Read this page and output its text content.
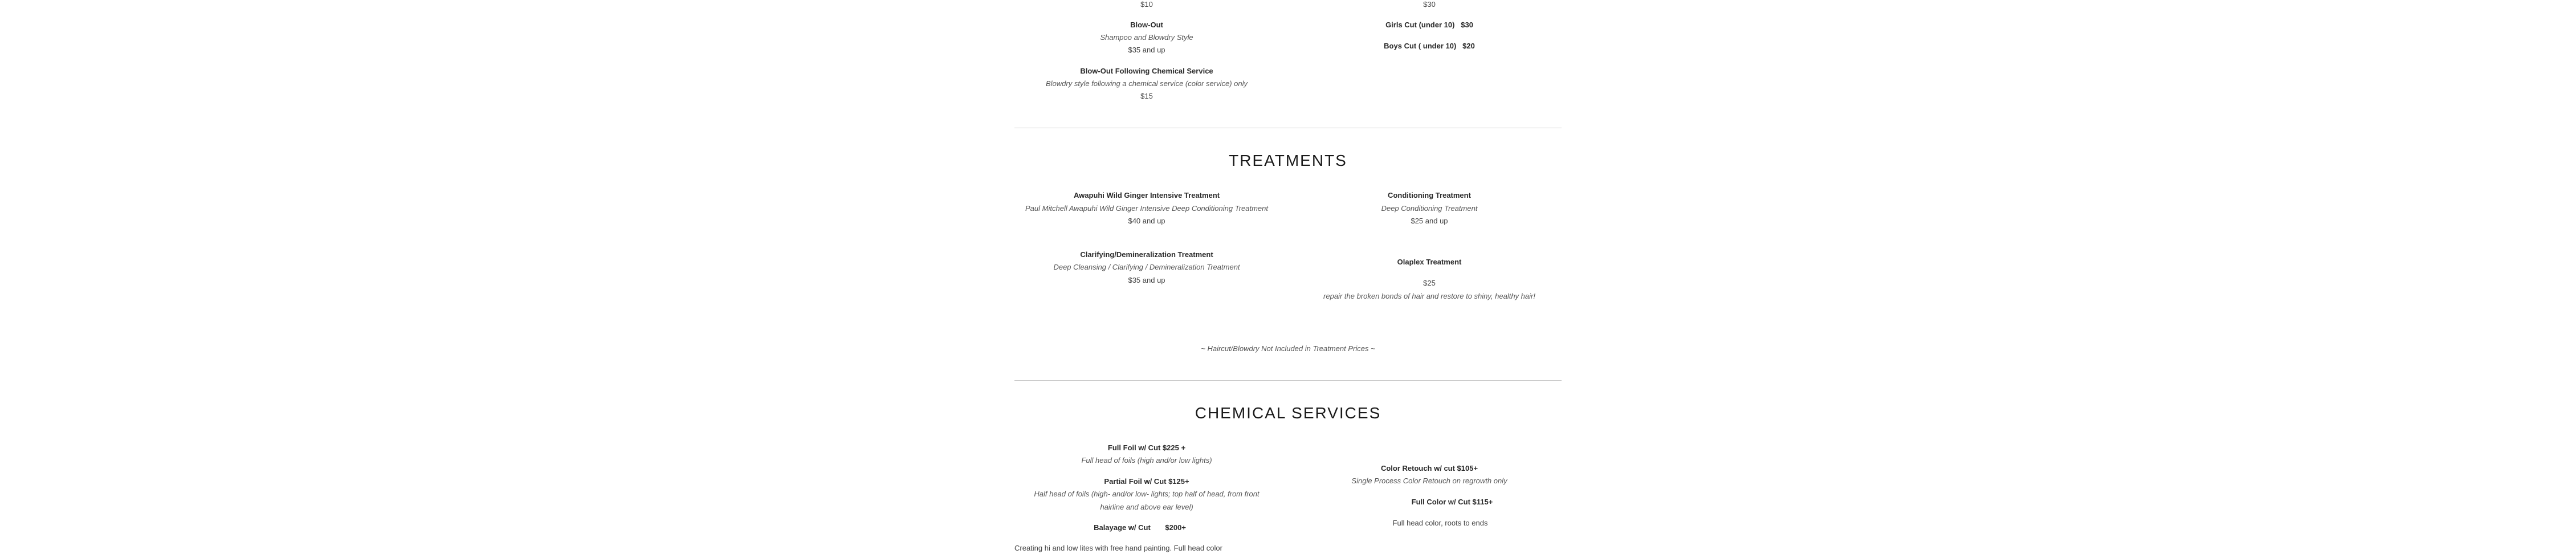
$10	$30
Blow-Out
Shampoo and Blowdry Style
$35 and up
Blow-Out Following Chemical Service
Blowdry style following a chemical service (color service) only
$15
Girls Cut (under 10)   $30
Boys Cut ( under 10)   $20
TREATMENTS
Awapuhi Wild Ginger Intensive Treatment
Paul Mitchell Awapuhi Wild Ginger Intensive Deep Conditioning Treatment
$40 and up
Conditioning Treatment
Deep Conditioning Treatment
$25 and up
Clarifying/Demineralization Treatment
Deep Cleansing / Clarifying / Demineralization Treatment
$35 and up
Olaplex Treatment
$25
repair the broken bonds of hair and restore to shiny, healthy hair!
~ Haircut/Blowdry Not Included in Treatment Prices ~
CHEMICAL SERVICES
Full Foil w/ Cut $225 +
Full head of foils (high and/or low lights)
Partial Foil w/ Cut $125+
Half head of foils (high- and/or low- lights; top half of head, from front
hairline and above ear level)
Balayage w/ Cut $200+
Creating hi and low lites with free hand painting. Full head color
Color Retouch w/ cut $105+
Single Process Color Retouch on regrowth only
Full Color w/ Cut $115+
Full head color, roots to ends
